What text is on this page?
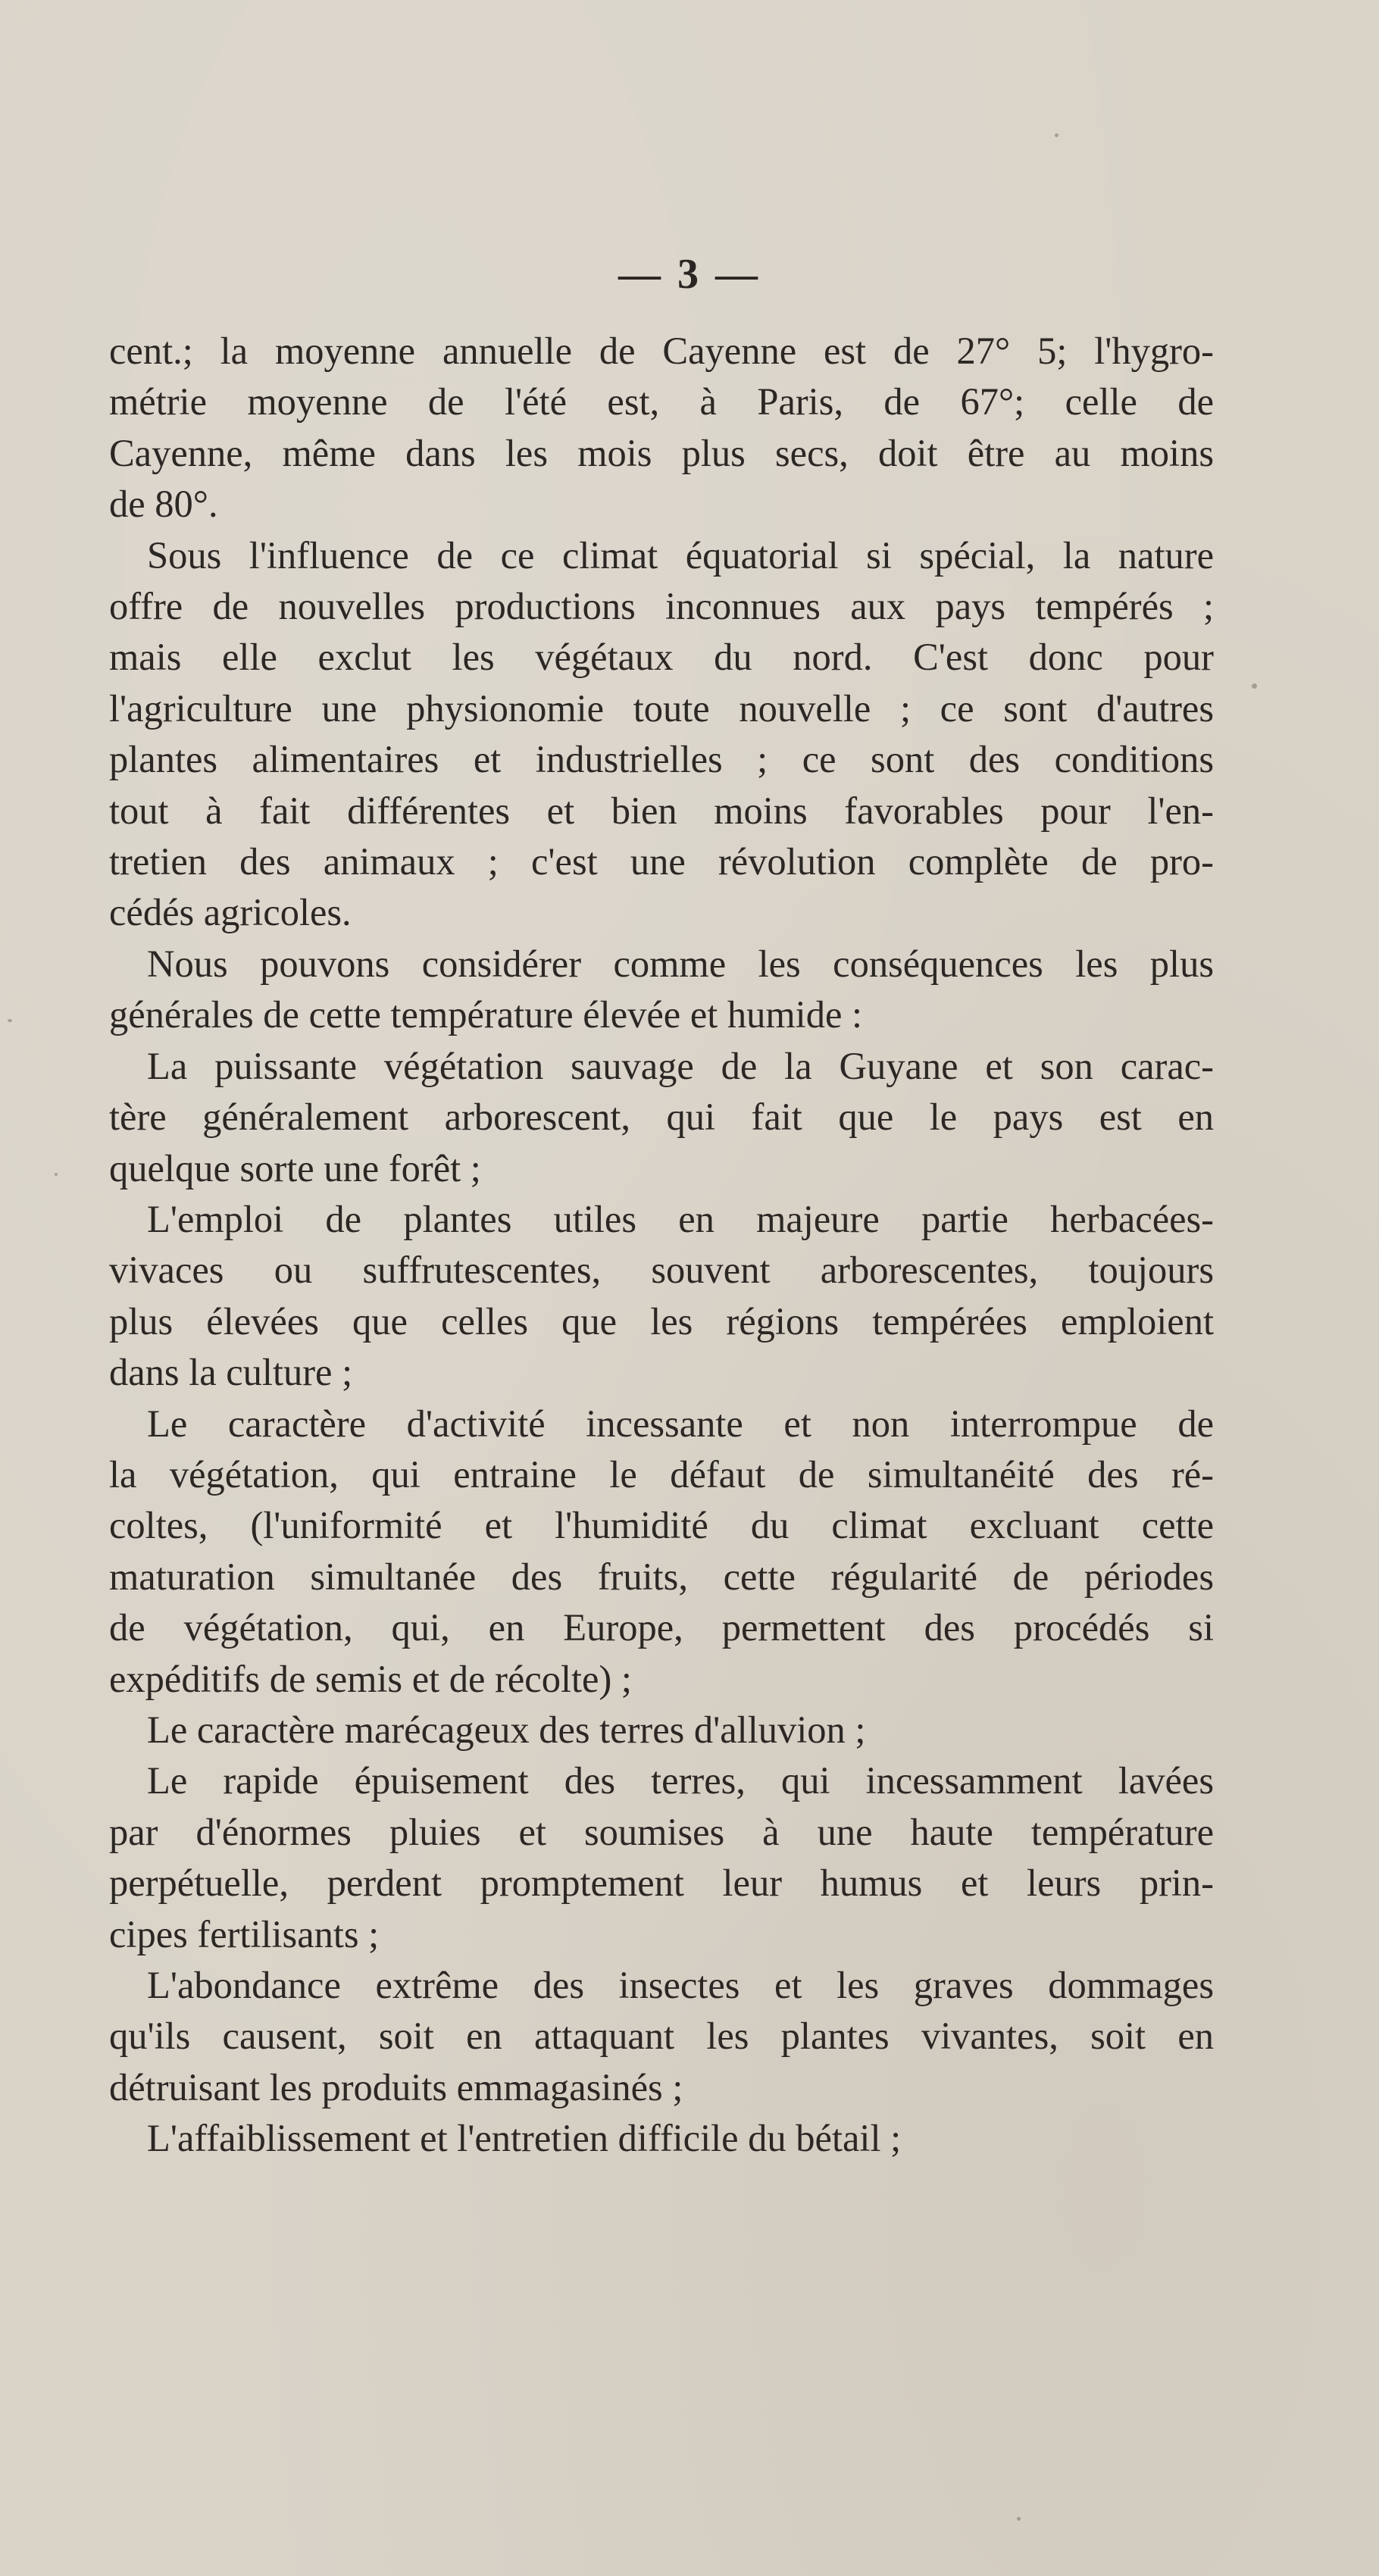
— 3 —
cent.; la moyenne annuelle de Cayenne est de 27° 5; l'hygro-
métrie moyenne de l'été est, à Paris, de 67°; celle de
Cayenne, même dans les mois plus secs, doit être au moins
de 80°.
Sous l'influence de ce climat équatorial si spécial, la nature
offre de nouvelles productions inconnues aux pays tempérés ;
mais elle exclut les végétaux du nord. C'est donc pour
l'agriculture une physionomie toute nouvelle ; ce sont d'autres
plantes alimentaires et industrielles ; ce sont des conditions
tout à fait différentes et bien moins favorables pour l'en-
tretien des animaux ; c'est une révolution complète de pro-
cédés agricoles.
Nous pouvons considérer comme les conséquences les plus
générales de cette température élevée et humide :
La puissante végétation sauvage de la Guyane et son carac-
tère généralement arborescent, qui fait que le pays est en
quelque sorte une forêt ;
L'emploi de plantes utiles en majeure partie herbacées-
vivaces ou suffrutescentes, souvent arborescentes, toujours
plus élevées que celles que les régions tempérées emploient
dans la culture ;
Le caractère d'activité incessante et non interrompue de
la végétation, qui entraine le défaut de simultanéité des ré-
coltes, (l'uniformité et l'humidité du climat excluant cette
maturation simultanée des fruits, cette régularité de périodes
de végétation, qui, en Europe, permettent des procédés si
expéditifs de semis et de récolte) ;
Le caractère marécageux des terres d'alluvion ;
Le rapide épuisement des terres, qui incessamment lavées
par d'énormes pluies et soumises à une haute température
perpétuelle, perdent promptement leur humus et leurs prin-
cipes fertilisants ;
L'abondance extrême des insectes et les graves dommages
qu'ils causent, soit en attaquant les plantes vivantes, soit en
détruisant les produits emmagasinés ;
L'affaiblissement et l'entretien difficile du bétail ;
